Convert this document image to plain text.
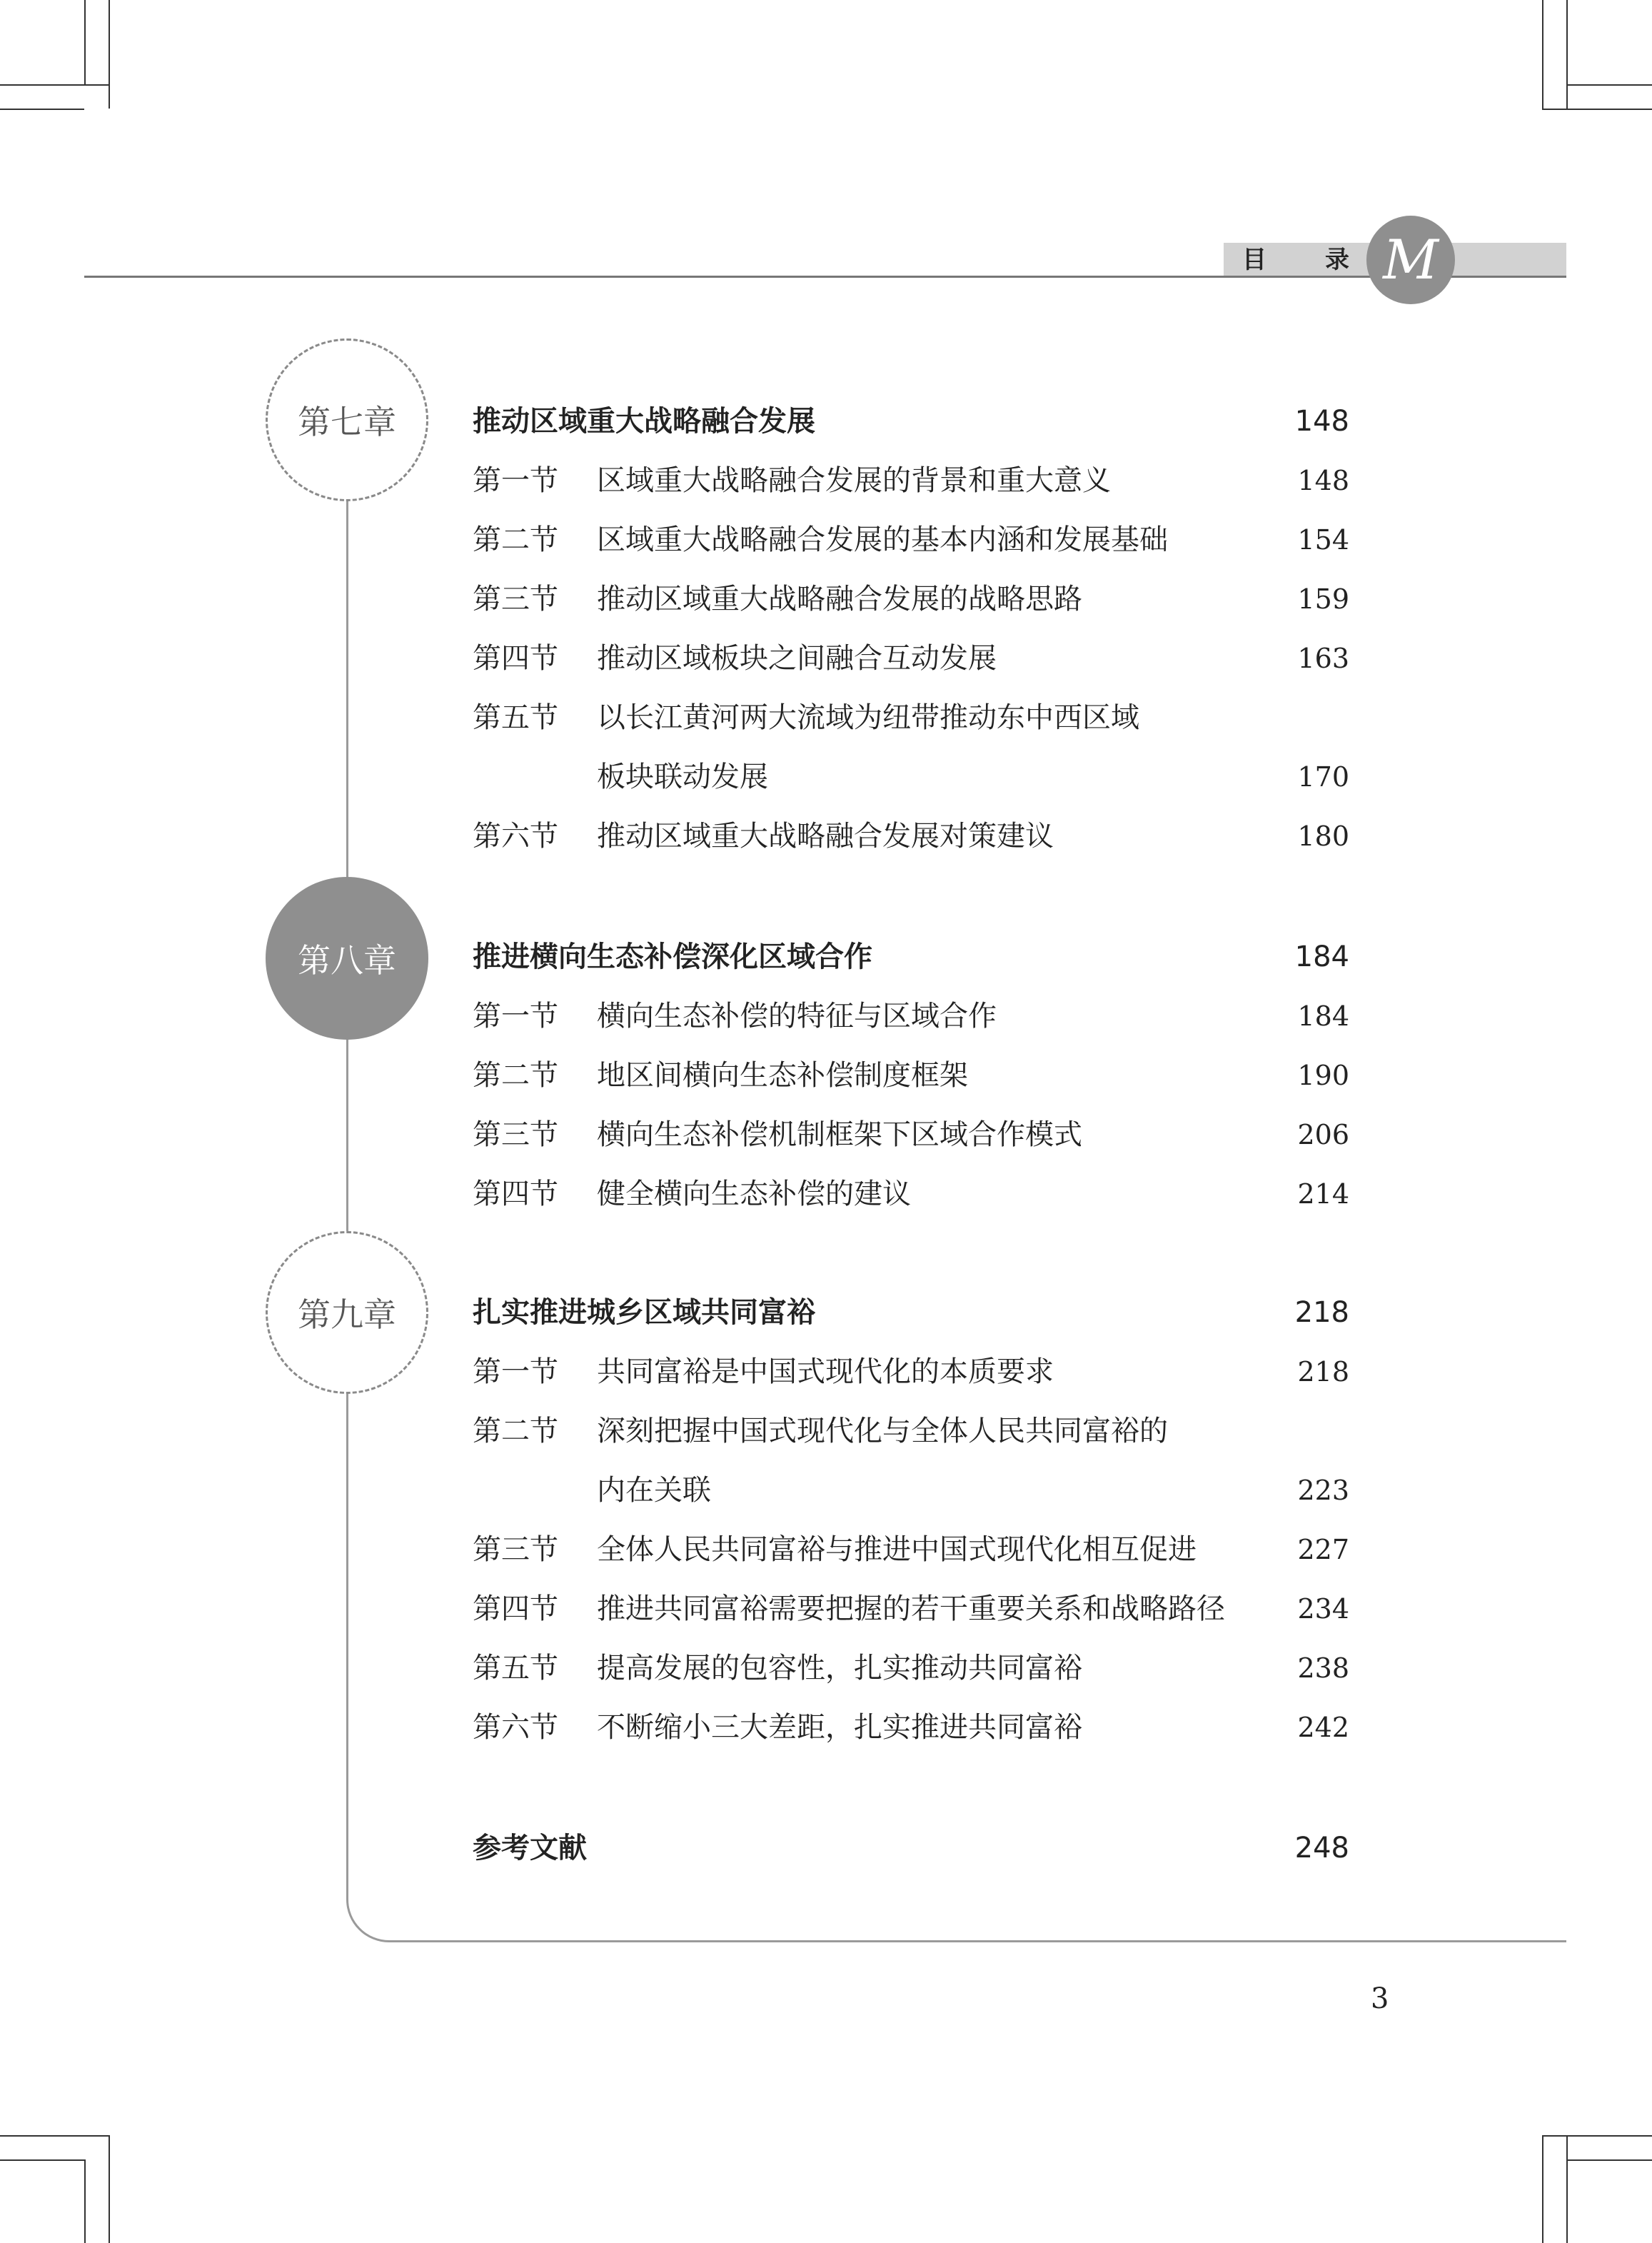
目 录 M
第七章	推动区域重大战略融合发展	148
第一节 区域重大战略融合发展的背景和重大意义	148
第二节 区域重大战略融合发展的基本内涵和发展基础	154
第三节 推动区域重大战略融合发展的战略思路	159
第四节 推动区域板块之间融合互动发展	163
第五节 以长江黄河两大流域为纽带推动东中西区域
板块联动发展	170
第六节 推动区域重大战略融合发展对策建议	180
第八章	推进横向生态补偿深化区域合作	184
第一节 横向生态补偿的特征与区域合作	184
第二节 地区间横向生态补偿制度框架	190
第三节 横向生态补偿机制框架下区域合作模式	206
第四节 健全横向生态补偿的建议	214
第九章	扎实推进城乡区域共同富裕	218
第一节 共同富裕是中国式现代化的本质要求	218
第二节 深刻把握中国式现代化与全体人民共同富裕的
内在关联	223
第三节 全体人民共同富裕与推进中国式现代化相互促进	227
第四节 推进共同富裕需要把握的若干重要关系和战略路径	234
第五节 提高发展的包容性，扎实推动共同富裕	238
第六节 不断缩小三大差距，扎实推进共同富裕	242
参考文献	248
3
